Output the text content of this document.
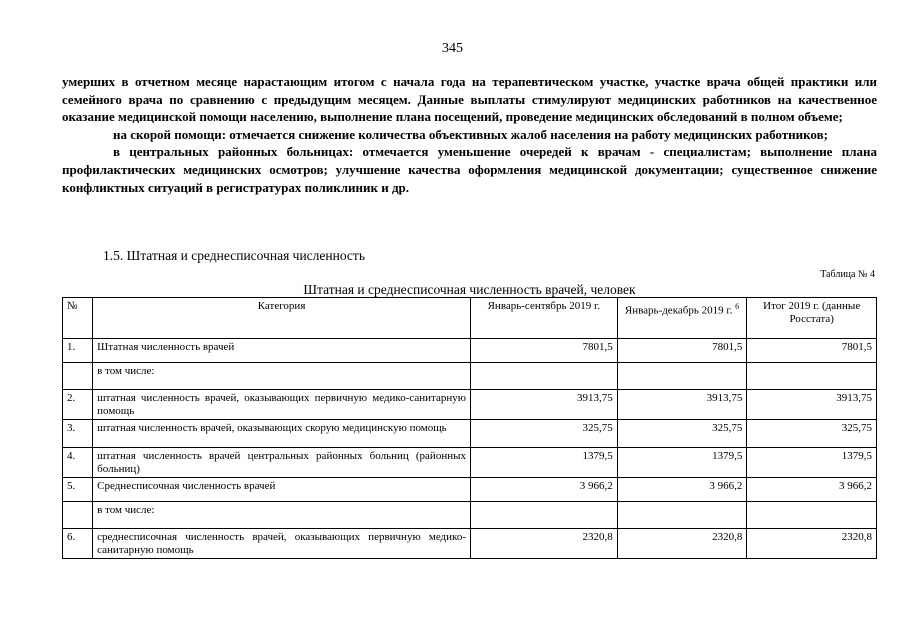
345

умерших в отчетном месяце нарастающим итогом с начала года на терапевтическом участке, участке врача общей практики или семейного врача по сравнению с предыдущим месяцем. Данные выплаты стимулируют медицинских работников на качественное оказание медицинской помощи населению, выполнение плана посещений, проведение медицинских обследований в полном объеме;

на скорой помощи: отмечается снижение количества объективных жалоб населения на работу медицинских работников;

в центральных районных больницах: отмечается уменьшение очередей к врачам - специалистам; выполнение плана профилактических медицинских осмотров; улучшение качества оформления медицинской документации; существенное снижение конфликтных ситуаций в регистратурах поликлиник и др.

1.5. Штатная и среднесписочная численность
Таблица № 4
Штатная и среднесписочная численность врачей, человек
№	Категория	Январь-сентябрь 2019 г.	Январь-декабрь 2019 г. $^6$	Итог 2019 г. (данные Росстата)
1.	Штатная численность врачей	7801,5	7801,5	7801,5
	в том числе:			
2.	штатная численность врачей, оказывающих первичную медико-санитарную помощь	3913,75	3913,75	3913,75
3.	штатная численность врачей, оказывающих скорую медицинскую помощь	325,75	325,75	325,75
4.	штатная численность врачей центральных районных больниц (районных больниц)	1379,5	1379,5	1379,5
5.	Среднесписочная численность врачей	3 966,2	3 966,2	3 966,2
	в том числе:			
6.	среднесписочная численность врачей, оказывающих первичную медико-санитарную помощь	2320,8	2320,8	2320,8
